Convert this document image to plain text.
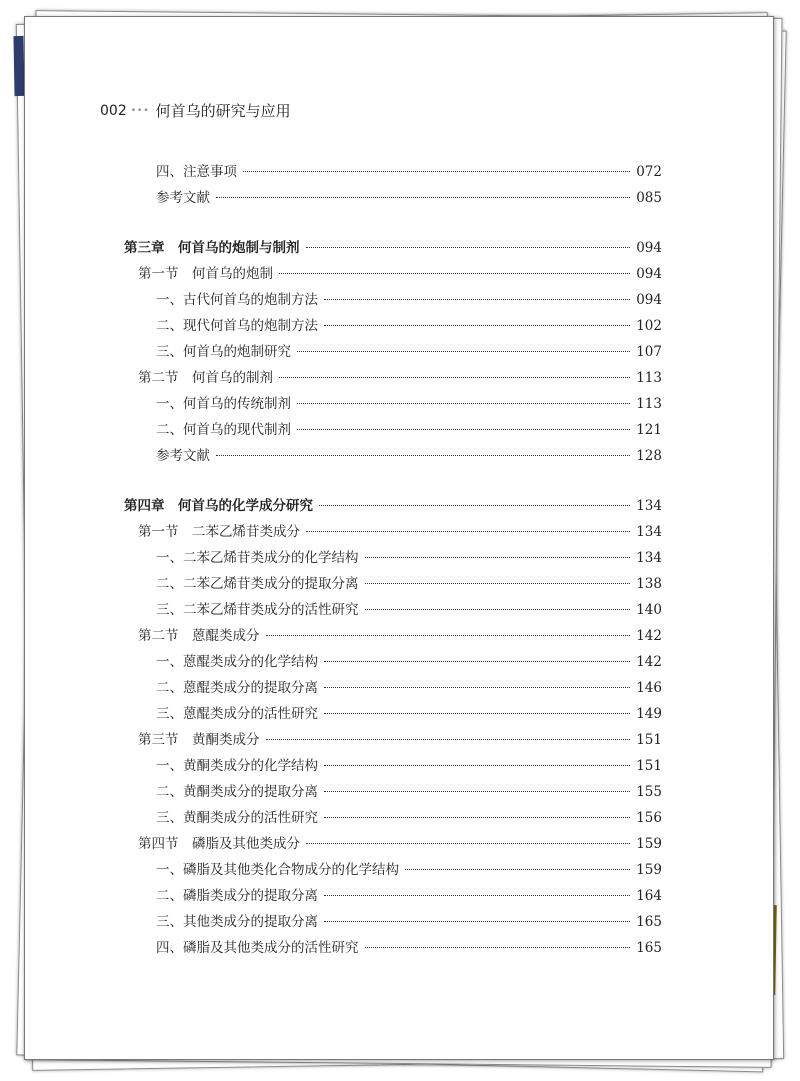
002 ••• 何首乌的研究与应用
四、注意事项	072
参考文献	085
第三章　何首乌的炮制与制剂	094
第一节　何首乌的炮制	094
一、古代何首乌的炮制方法	094
二、现代何首乌的炮制方法	102
三、何首乌的炮制研究	107
第二节　何首乌的制剂	113
一、何首乌的传统制剂	113
二、何首乌的现代制剂	121
参考文献	128
第四章　何首乌的化学成分研究	134
第一节　二苯乙烯苷类成分	134
一、二苯乙烯苷类成分的化学结构	134
二、二苯乙烯苷类成分的提取分离	138
三、二苯乙烯苷类成分的活性研究	140
第二节　蒽醌类成分	142
一、蒽醌类成分的化学结构	142
二、蒽醌类成分的提取分离	146
三、蒽醌类成分的活性研究	149
第三节　黄酮类成分	151
一、黄酮类成分的化学结构	151
二、黄酮类成分的提取分离	155
三、黄酮类成分的活性研究	156
第四节　磷脂及其他类成分	159
一、磷脂及其他类化合物成分的化学结构	159
二、磷脂类成分的提取分离	164
三、其他类成分的提取分离	165
四、磷脂及其他类成分的活性研究	165
